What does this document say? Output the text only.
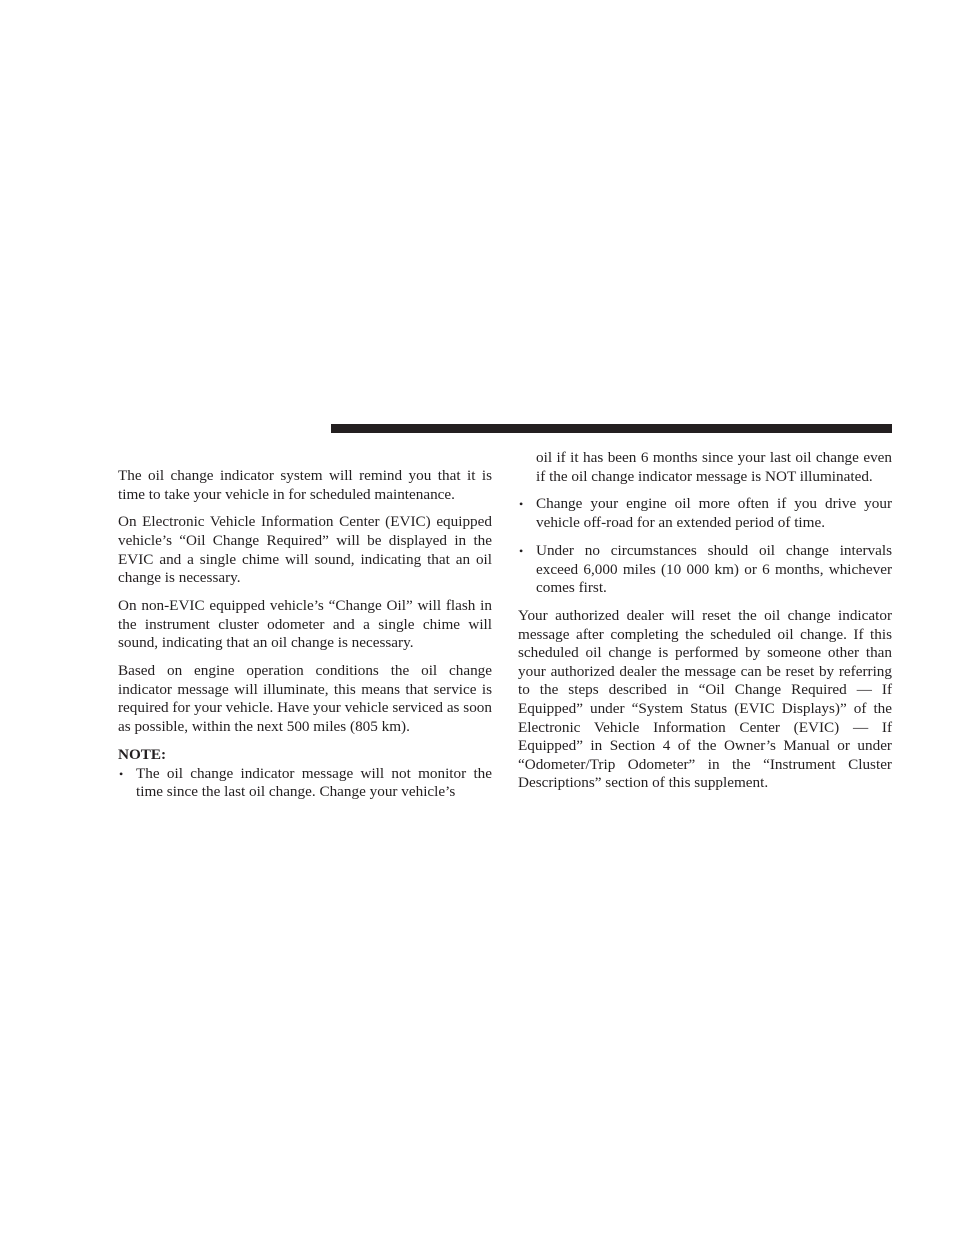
The oil change indicator system will remind you that it is time to take your vehicle in for scheduled maintenance.

On Electronic Vehicle Information Center (EVIC) equipped vehicle’s “Oil Change Required” will be displayed in the EVIC and a single chime will sound, indicating that an oil change is necessary.

On non-EVIC equipped vehicle’s “Change Oil” will flash in the instrument cluster odometer and a single chime will sound, indicating that an oil change is necessary.

Based on engine operation conditions the oil change indicator message will illuminate, this means that service is required for your vehicle. Have your vehicle serviced as soon as possible, within the next 500 miles (805 km).

NOTE:

• The oil change indicator message will not monitor the time since the last oil change. Change your vehicle’s
oil if it has been 6 months since your last oil change even if the oil change indicator message is NOT illuminated.
• Change your engine oil more often if you drive your vehicle off-road for an extended period of time.
• Under no circumstances should oil change intervals exceed 6,000 miles (10 000 km) or 6 months, whichever comes first.

Your authorized dealer will reset the oil change indicator message after completing the scheduled oil change. If this scheduled oil change is performed by someone other than your authorized dealer the message can be reset by referring to the steps described in “Oil Change Required — If Equipped” under “System Status (EVIC Displays)” of the Electronic Vehicle Information Center (EVIC) — If Equipped” in Section 4 of the Owner’s Manual or under “Odometer/Trip Odometer” in the “Instrument Cluster Descriptions” section of this supplement.
